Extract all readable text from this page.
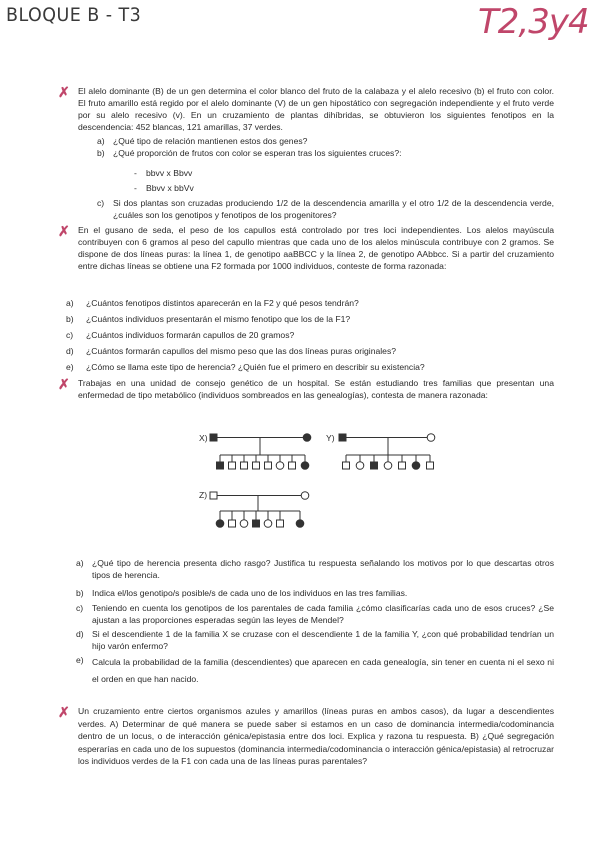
BLOQUE B - T3	T2,3y4
✗ El alelo dominante (B) de un gen determina el color blanco del fruto de la calabaza y el alelo recesivo (b) el fruto con color. El fruto amarillo está regido por el alelo dominante (V) de un gen hipostático con segregación independiente y el fruto verde por su alelo recesivo (v). En un cruzamiento de plantas dihíbridas, se obtuvieron los siguientes fenotipos en la descendencia: 452 blancas, 121 amarillas, 37 verdes.
a) ¿Qué tipo de relación mantienen estos dos genes?
b) ¿Qué proporción de frutos con color se esperan tras los siguientes cruces?:
- bbvv x Bbvv
- Bbvv x bbVv
c) Si dos plantas son cruzadas produciendo 1/2 de la descendencia amarilla y el otro 1/2 de la descendencia verde, ¿cuáles son los genotipos y fenotipos de los progenitores?
✗ En el gusano de seda, el peso de los capullos está controlado por tres loci independientes. Los alelos mayúscula contribuyen con 6 gramos al peso del capullo mientras que cada uno de los alelos minúscula contribuye con 2 gramos. Se dispone de dos líneas puras: la línea 1, de genotipo aaBBCC y la línea 2, de genotipo AAbbcc. Si a partir del cruzamiento entre dichas líneas se obtiene una F2 formada por 1000 individuos, conteste de forma razonada:
a) ¿Cuántos fenotipos distintos aparecerán en la F2 y qué pesos tendrán?
b) ¿Cuántos individuos presentarán el mismo fenotipo que los de la F1?
c) ¿Cuántos individuos formarán capullos de 20 gramos?
d) ¿Cuántos formarán capullos del mismo peso que las dos líneas puras originales?
e) ¿Cómo se llama este tipo de herencia? ¿Quién fue el primero en describir su existencia?
✗ Trabajas en una unidad de consejo genético de un hospital. Se están estudiando tres familias que presentan una enfermedad de tipo metabólico (individuos sombreados en las genealogías), contesta de manera razonada:
X)	Y)
Z)
a) ¿Qué tipo de herencia presenta dicho rasgo? Justifica tu respuesta señalando los motivos por lo que descartas otros tipos de herencia.
b) Indica el/los genotipo/s posible/s de cada uno de los individuos en las tres familias.
c) Teniendo en cuenta los genotipos de los parentales de cada familia ¿cómo clasificarías cada uno de esos cruces? ¿Se ajustan a las proporciones esperadas según las leyes de Mendel?
d) Si el descendiente 1 de la familia X se cruzase con el descendiente 1 de la familia Y, ¿con qué probabilidad tendrían un hijo varón enfermo?
e) Calcula la probabilidad de la familia (descendientes) que aparecen en cada genealogía, sin tener en cuenta ni el sexo ni el orden en que han nacido.
✗ Un cruzamiento entre ciertos organismos azules y amarillos (líneas puras en ambos casos), da lugar a descendientes verdes. A) Determinar de qué manera se puede saber si estamos en un caso de dominancia intermedia/codominancia dentro de un locus, o de interacción génica/epistasia entre dos loci. Explica y razona tu respuesta. B) ¿Qué segregación esperarías en cada uno de los supuestos (dominancia intermedia/codominancia o interacción génica/epistasia) al retrocruzar los individuos verdes de la F1 con cada una de las líneas puras parentales?
